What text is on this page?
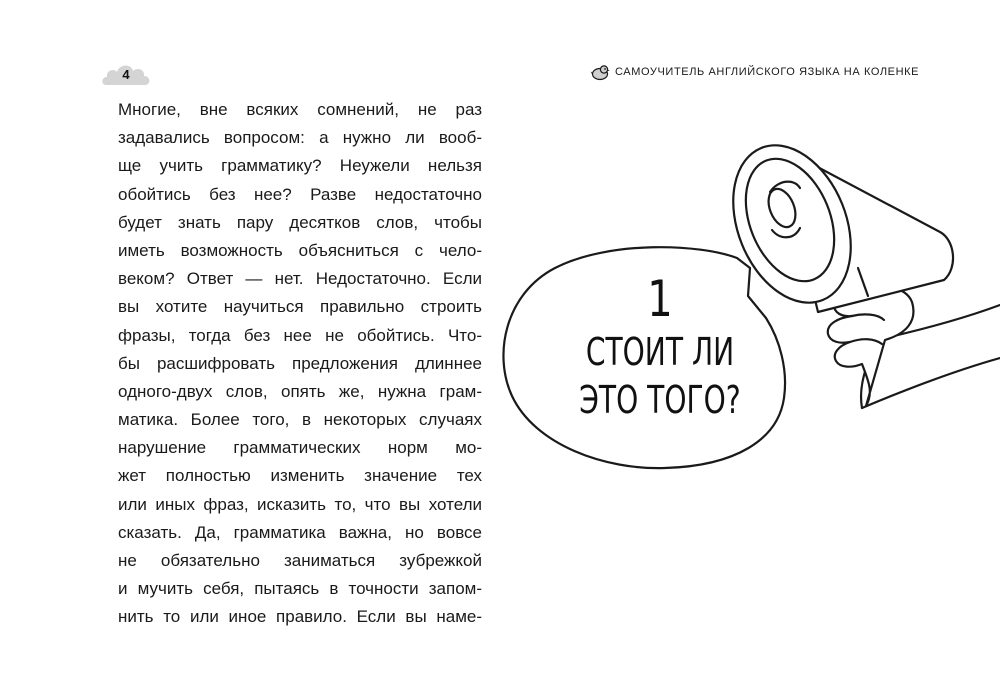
4	САМОУЧИТЕЛЬ АНГЛИЙСКОГО ЯЗЫКА НА КОЛЕНКЕ
Многие, вне всяких сомнений, не раз
задавались вопросом: а нужно ли вооб-
ще учить грамматику? Неужели нельзя
обойтись без нее? Разве недостаточно
будет знать пару десятков слов, чтобы
иметь возможность объясниться с чело-
веком? Ответ — нет. Недостаточно. Если
вы хотите научиться правильно строить
фразы, тогда без нее не обойтись. Что-
бы расшифровать предложения длиннее
одного-двух слов, опять же, нужна грам-
матика. Более того, в некоторых случаях
нарушение грамматических норм мо-
жет полностью изменить значение тех
или иных фраз, исказить то, что вы хотели
сказать. Да, грамматика важна, но вовсе
не обязательно заниматься зубрежкой
и мучить себя, пытаясь в точности запом-
нить то или иное правило. Если вы наме-
1
СТОИТ ЛИ
ЭТО ТОГО?
